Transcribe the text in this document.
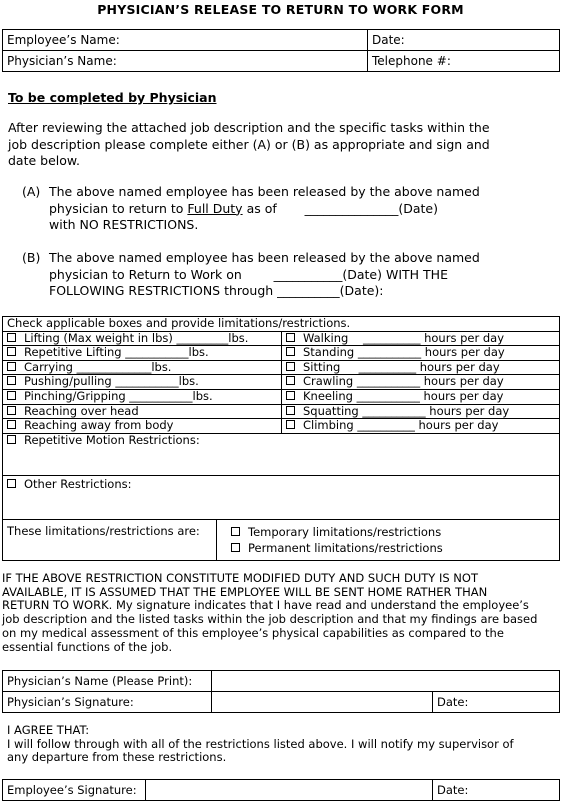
PHYSICIAN’S RELEASE TO RETURN TO WORK FORM
Employee’s Name:	Date:
Physician’s Name:	Telephone #:
To be completed by Physician
After reviewing the attached job description and the specific tasks within the
job description please complete either (A) or (B) as appropriate and sign and
date below.
(A) The above named employee has been released by the above named
physician to return to Full Duty as of       _______________(Date)
with NO RESTRICTIONS.
(B) The above named employee has been released by the above named
physician to Return to Work on        ___________(Date) WITH THE
FOLLOWING RESTRICTIONS through __________(Date):
Check applicable boxes and provide limitations/restrictions.
Lifting (Max weight in lbs) _________lbs.	Walking    __________ hours per day
Repetitive Lifting ___________lbs.	Standing ___________ hours per day
Carrying _____________lbs.	Sitting     __________ hours per day
Pushing/pulling ___________lbs.	Crawling ___________ hours per day
Pinching/Gripping ___________lbs.	Kneeling ___________ hours per day
Reaching over head	Squatting ___________ hours per day
Reaching away from body	Climbing __________ hours per day
Repetitive Motion Restrictions:
Other Restrictions:

These limitations/restrictions are:	Temporary limitations/restrictions
Permanent limitations/restrictions
IF THE ABOVE RESTRICTION CONSTITUTE MODIFIED DUTY AND SUCH DUTY IS NOT
AVAILABLE, IT IS ASSUMED THAT THE EMPLOYEE WILL BE SENT HOME RATHER THAN
RETURN TO WORK. My signature indicates that I have read and understand the employee’s
job description and the listed tasks within the job description and that my findings are based
on my medical assessment of this employee’s physical capabilities as compared to the
essential functions of the job.
Physician’s Name (Please Print):		
Physician’s Signature:		Date:
I AGREE THAT:
I will follow through with all of the restrictions listed above. I will notify my supervisor of
any departure from these restrictions.
Employee’s Signature:		Date:
